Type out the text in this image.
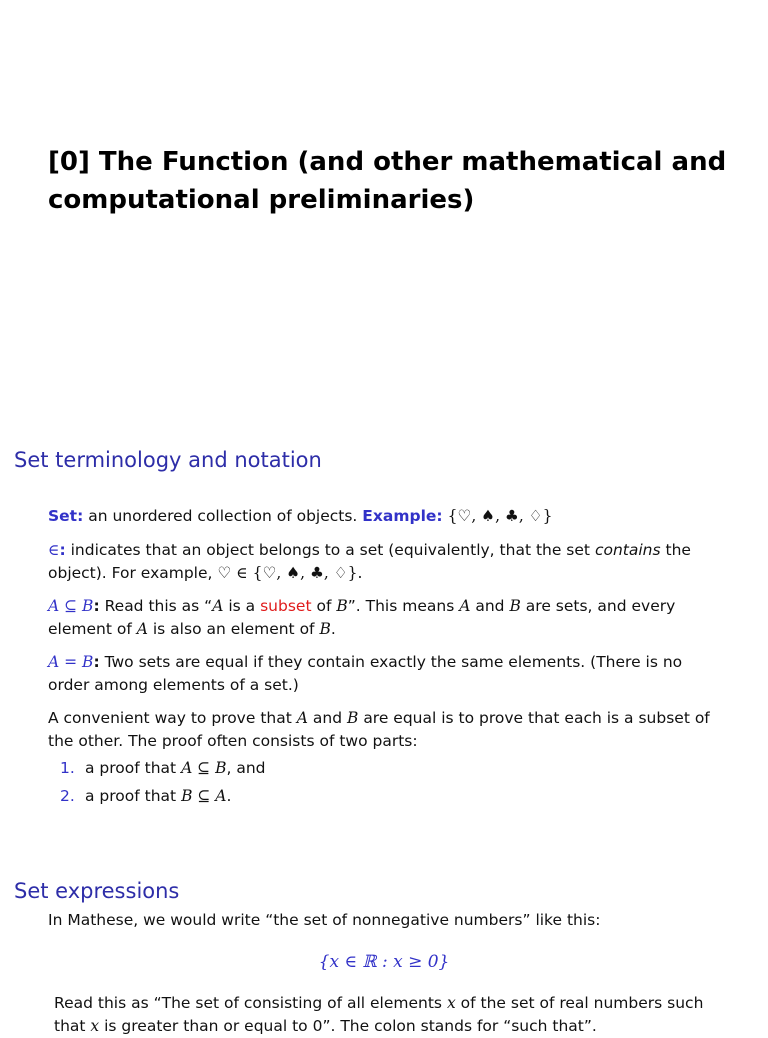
[0] The Function (and other mathematical and computational preliminaries)
Set terminology and notation

Set: an unordered collection of objects. Example: {♡, ♠, ♣, ♢}

∈: indicates that an object belongs to a set (equivalently, that the set contains the object). For example, ♡ ∈ {♡, ♠, ♣, ♢}.

A ⊆ B: Read this as “A is a subset of B”. This means A and B are sets, and every element of A is also an element of B.

A = B: Two sets are equal if they contain exactly the same elements. (There is no order among elements of a set.)

A convenient way to prove that A and B are equal is to prove that each is a subset of the other. The proof often consists of two parts:

1. a proof that A ⊆ B, and
2. a proof that B ⊆ A.
Set expressions

In Mathese, we would write “the set of nonnegative numbers” like this:

{x ∈ ℝ : x ≥ 0}

Read this as “The set of consisting of all elements x of the set of real numbers such that x is greater than or equal to 0”. The colon stands for “such that”.
